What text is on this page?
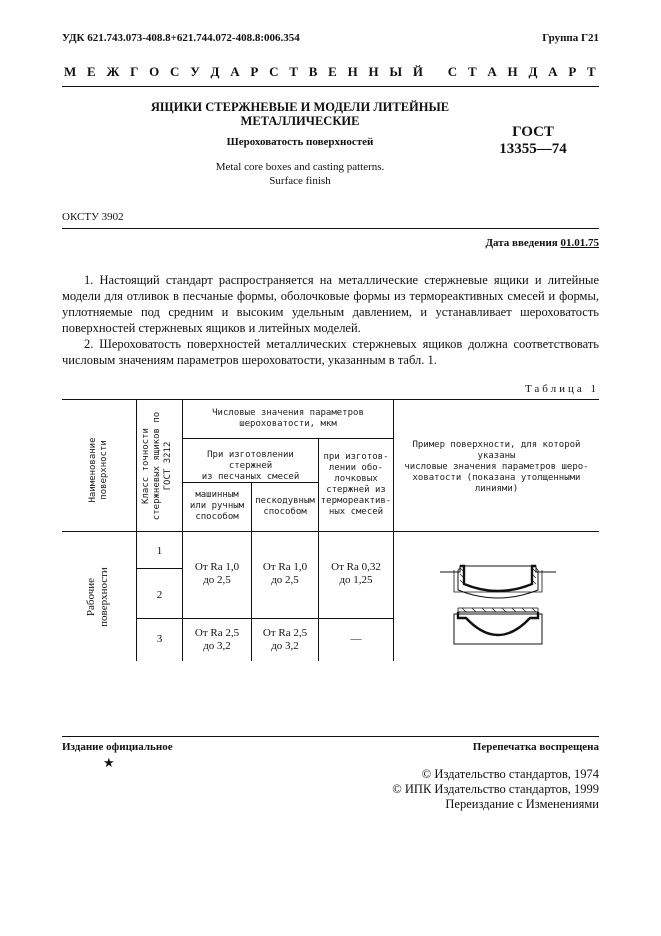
УДК 621.743.073-408.8+621.744.072-408.8:006.354	Группа Г21
М Е Ж Г О С У Д А Р С Т В Е Н Н Ы Й
С Т А Н Д А Р Т
ЯЩИКИ СТЕРЖНЕВЫЕ И МОДЕЛИ ЛИТЕЙНЫЕ
МЕТАЛЛИЧЕСКИЕ
Шероховатость поверхностей
Metal core boxes and casting patterns.
Surface finish
ГОСТ
13355—74
ОКСТУ 3902
Дата введения 01.01.75
1. Настоящий стандарт распространяется на металлические стержневые ящики и литейные модели для отливок в песчаные формы, оболочковые формы из термореактивных смесей и формы, уплотняемые под средним и высоким удельным давлением, и устанавливает шероховатость поверхностей стержневых ящиков и литейных моделей.
2. Шероховатость поверхностей металлических стержневых ящиков должна соответствовать числовым значениям параметров шероховатости, указанным в табл. 1.
Таблица 1
Наименование поверхности	Класс точности стержневых ящиков по ГОСТ 3212
Числовые значения параметров
шероховатости, мкм
При изготовлении стержней
из песчаных смесей
машинным
или ручным
способом
пескодувным
способом
при изготов-
лении обо-
лочковых
стержней из
термореактив-
ных смесей
Пример поверхности, для которой указаны
числовые значения параметров шеро-
ховатости (показана утолщенными
линиями)
Рабочие поверхности
1
2
3
От Ra 1,0
до 2,5
От Ra 1,0
до 2,5
От Ra 0,32
до 1,25
От Ra 2,5
до 3,2
От Ra 2,5
до 3,2
—
Издание официальное
★
Перепечатка воспрещена
© Издательство стандартов, 1974
© ИПК Издательство стандартов, 1999
Переиздание с Изменениями
